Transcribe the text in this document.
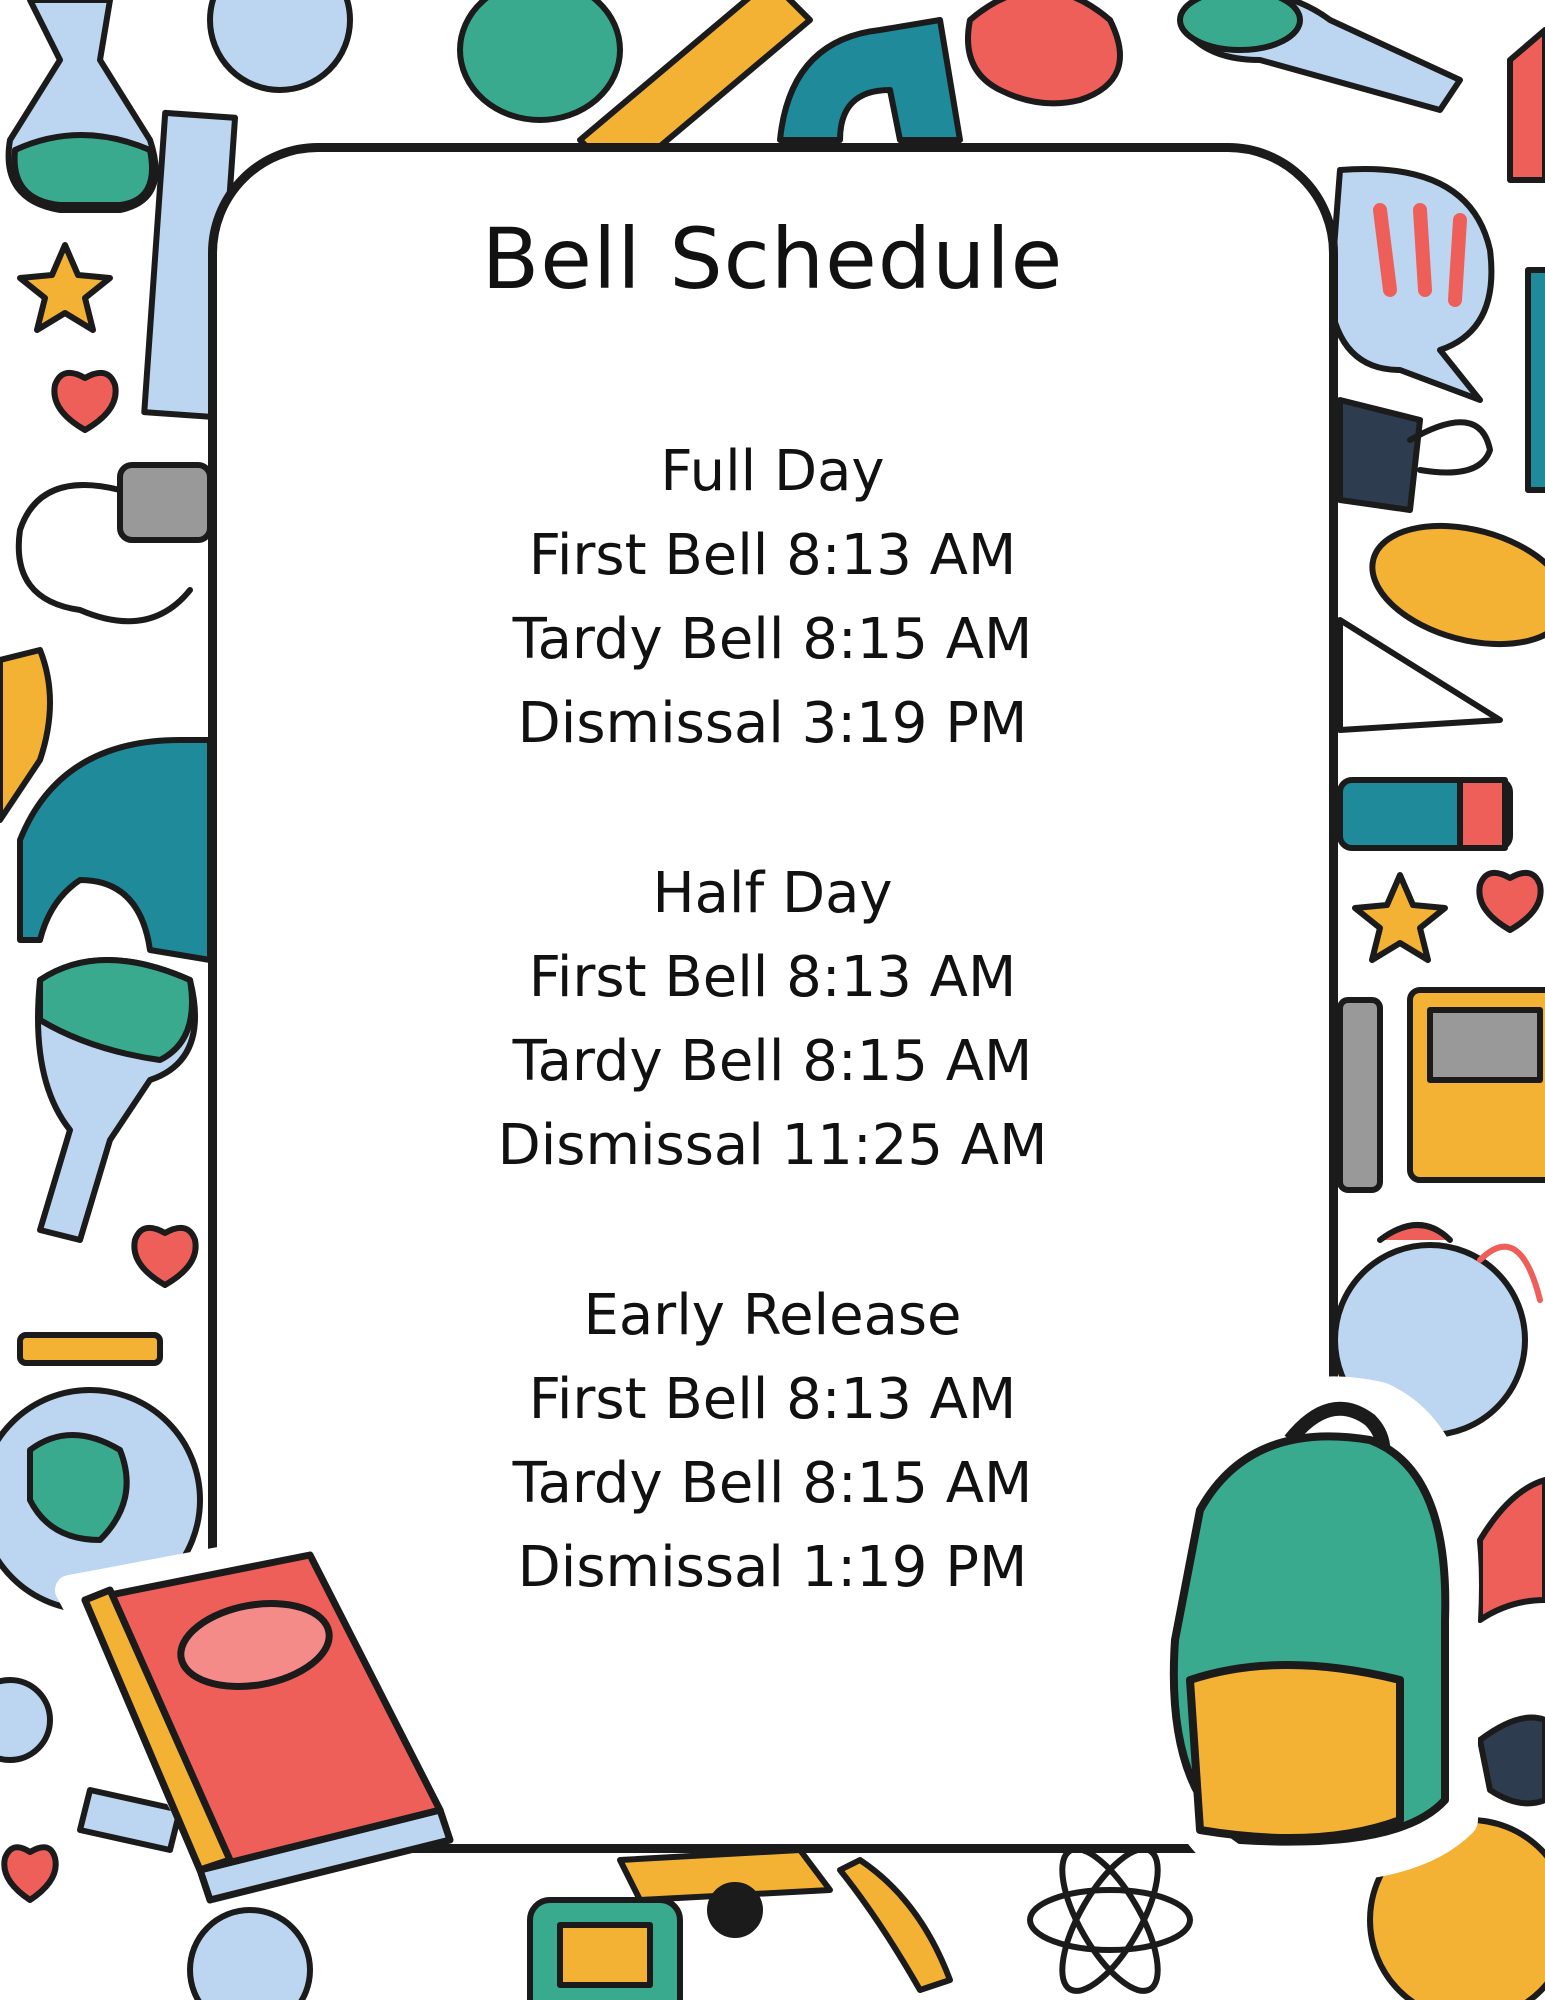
Bell Schedule
Full Day
First Bell 8:13 AM
Tardy Bell 8:15 AM
Dismissal 3:19 PM
Half Day
First Bell 8:13 AM
Tardy Bell 8:15 AM
Dismissal 11:25 AM
Early Release
First Bell 8:13 AM
Tardy Bell 8:15 AM
Dismissal 1:19 PM
